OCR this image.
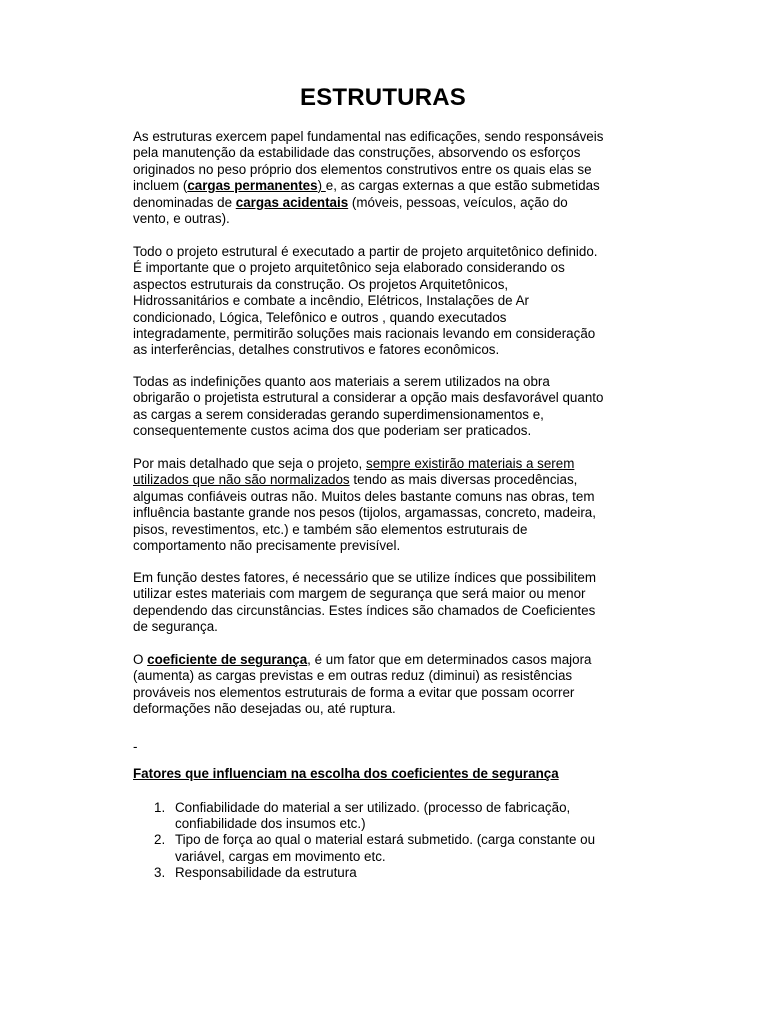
ESTRUTURAS
As estruturas exercem papel fundamental nas edificações, sendo responsáveis
pela manutenção da estabilidade das construções, absorvendo os esforços
originados no peso próprio dos elementos construtivos entre os quais elas se
incluem (cargas permanentes) e, as cargas externas a que estão submetidas
denominadas de cargas acidentais (móveis, pessoas, veículos, ação do
vento, e outras).
Todo o projeto estrutural é executado a partir de projeto arquitetônico definido.
É importante que o projeto arquitetônico seja elaborado considerando os
aspectos estruturais da construção. Os projetos Arquitetônicos,
Hidrossanitários e combate a incêndio, Elétricos, Instalações de Ar
condicionado, Lógica, Telefônico e outros , quando executados
integradamente, permitirão soluções mais racionais levando em consideração
as interferências, detalhes construtivos e fatores econômicos.
Todas as indefinições quanto aos materiais a serem utilizados na obra
obrigarão o projetista estrutural a considerar a opção mais desfavorável quanto
as cargas a serem consideradas gerando superdimensionamentos e,
consequentemente custos acima dos que poderiam ser praticados.
Por mais detalhado que seja o projeto, sempre existirão materiais a serem
utilizados que não são normalizados tendo as mais diversas procedências,
algumas confiáveis outras não. Muitos deles bastante comuns nas obras, tem
influência bastante grande nos pesos (tijolos, argamassas, concreto, madeira,
pisos, revestimentos, etc.) e também são elementos estruturais de
comportamento não precisamente previsível.
Em função destes fatores, é necessário que se utilize índices que possibilitem
utilizar estes materiais com margem de segurança que será maior ou menor
dependendo das circunstâncias. Estes índices são chamados de Coeficientes
de segurança.
O coeficiente de segurança, é um fator que em determinados casos majora
(aumenta) as cargas previstas e em outras reduz (diminui) as resistências
prováveis nos elementos estruturais de forma a evitar que possam ocorrer
deformações não desejadas ou, até ruptura.
-
Fatores que influenciam na escolha dos coeficientes de segurança
1. Confiabilidade do material a ser utilizado. (processo de fabricação,
confiabilidade dos insumos etc.)
2. Tipo de força ao qual o material estará submetido. (carga constante ou
variável, cargas em movimento etc.
3. Responsabilidade da estrutura
